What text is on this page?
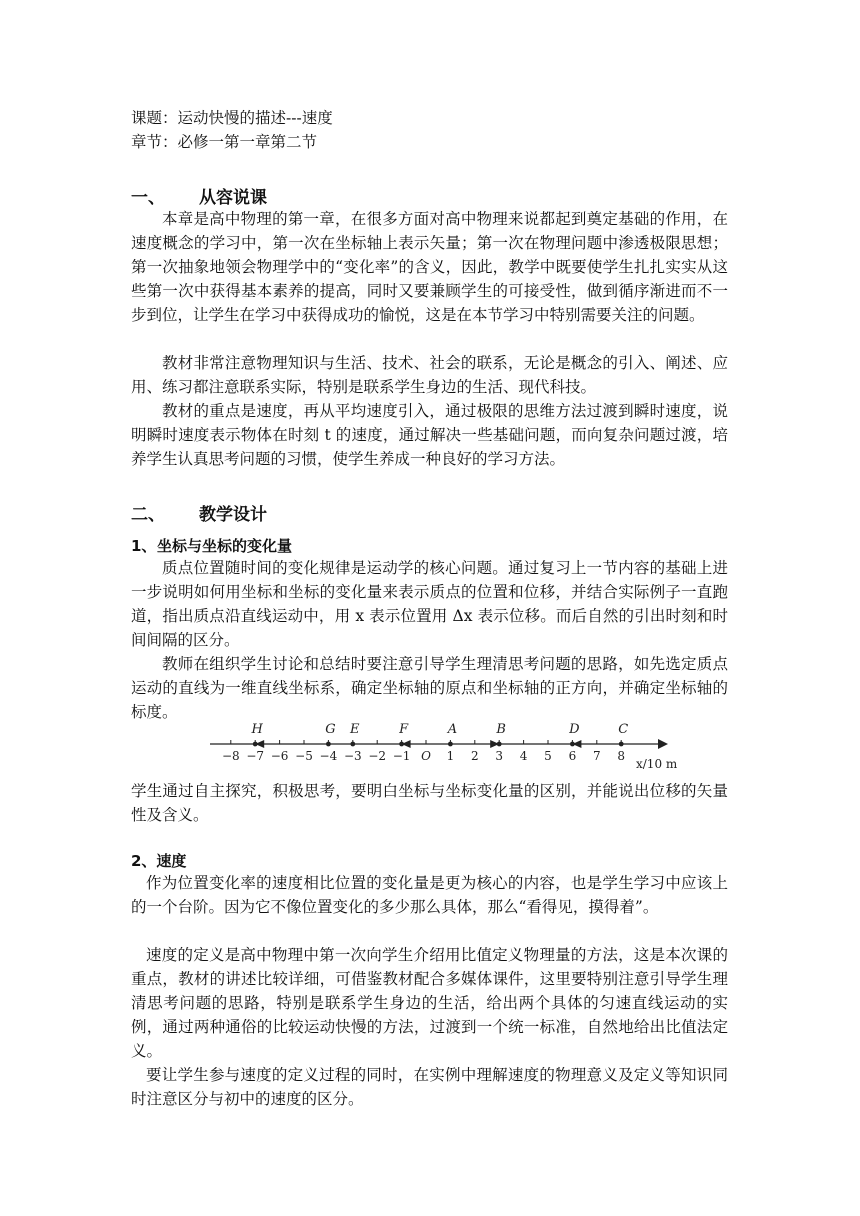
课题：运动快慢的描述---速度
章节：必修一第一章第二节
一、 从容说课
本章是高中物理的第一章，在很多方面对高中物理来说都起到奠定基础的作用，在速度概念的学习中，第一次在坐标轴上表示矢量；第一次在物理问题中渗透极限思想；第一次抽象地领会物理学中的“变化率”的含义，因此，教学中既要使学生扎扎实实从这些第一次中获得基本素养的提高，同时又要兼顾学生的可接受性，做到循序渐进而不一步到位，让学生在学习中获得成功的愉悦，这是在本节学习中特别需要关注的问题。
教材非常注意物理知识与生活、技术、社会的联系，无论是概念的引入、阐述、应用、练习都注意联系实际，特别是联系学生身边的生活、现代科技。
教材的重点是速度，再从平均速度引入，通过极限的思维方法过渡到瞬时速度，说明瞬时速度表示物体在时刻 t 的速度，通过解决一些基础问题，而向复杂问题过渡，培养学生认真思考问题的习惯，使学生养成一种良好的学习方法。
二、 教学设计
1、坐标与坐标的变化量
质点位置随时间的变化规律是运动学的核心问题。通过复习上一节内容的基础上进一步说明如何用坐标和坐标的变化量来表示质点的位置和位移，并结合实际例子一直跑道，指出质点沿直线运动中，用 x 表示位置用 Δx 表示位移。而后自然的引出时刻和时间间隔的区分。
教师在组织学生讨论和总结时要注意引导学生理清思考问题的思路，如先选定质点运动的直线为一维直线坐标系，确定坐标轴的原点和坐标轴的正方向，并确定坐标轴的标度。
−8 −7 −6 −5 −4 −3 −2 −1 O 1 2 3 4 5 6 7 8
H	G E	F	A	B	D	C
x/10 m
学生通过自主探究，积极思考，要明白坐标与坐标变化量的区别，并能说出位移的矢量性及含义。
2、速度
作为位置变化率的速度相比位置的变化量是更为核心的内容，也是学生学习中应该上的一个台阶。因为它不像位置变化的多少那么具体，那么“看得见，摸得着”。
速度的定义是高中物理中第一次向学生介绍用比值定义物理量的方法，这是本次课的重点，教材的讲述比较详细，可借鉴教材配合多媒体课件，这里要特别注意引导学生理清思考问题的思路，特别是联系学生身边的生活，给出两个具体的匀速直线运动的实例，通过两种通俗的比较运动快慢的方法，过渡到一个统一标准，自然地给出比值法定义。
要让学生参与速度的定义过程的同时，在实例中理解速度的物理意义及定义等知识同时注意区分与初中的速度的区分。
